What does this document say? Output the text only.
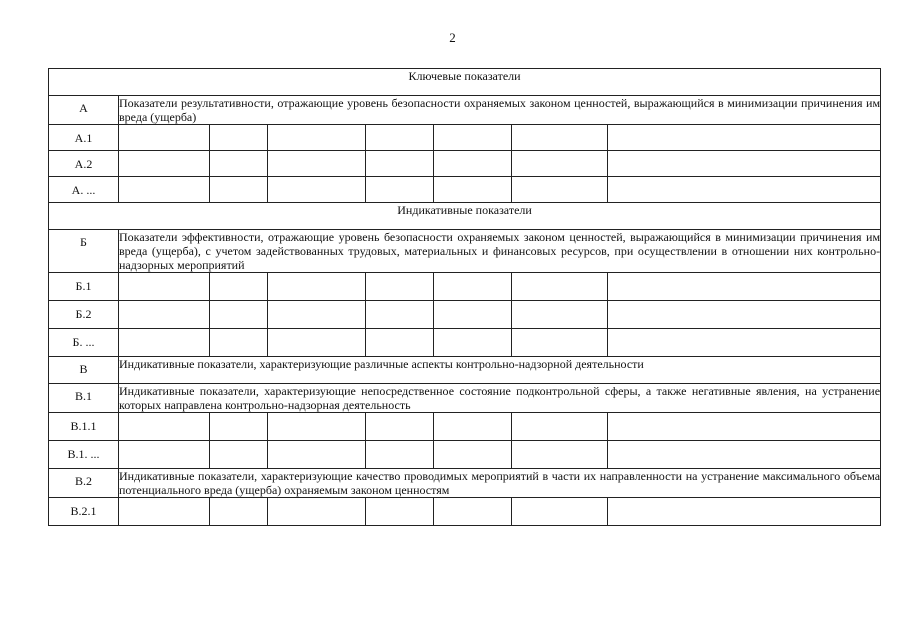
2
Ключевые показатели							

А	Показатели результативности, отражающие уровень безопасности охраняемых законом ценностей, выражающийся в минимизации причинения им вреда (ущерба)						

А.1							

А.2							

А. ...							

Индикативные показатели							

Б	Показатели эффективности, отражающие уровень безопасности охраняемых законом ценностей, выражающийся в минимизации причинения им вреда (ущерба), с учетом задействованных трудовых, материальных и финансовых ресурсов, при осуществлении в отношении них контрольно-надзорных мероприятий						

Б.1							

Б.2							

Б. ...							

В	Индикативные показатели, характеризующие различные аспекты контрольно-надзорной деятельности						

В.1	Индикативные показатели, характеризующие непосредственное состояние подконтрольной сферы, а также негативные явления, на устранение которых направлена контрольно-надзорная деятельность						

В.1.1							

В.1. ...							

В.2	Индикативные показатели, характеризующие качество проводимых мероприятий в части их направленности на устранение максимального объема потенциального вреда (ущерба) охраняемым законом ценностям						

В.2.1							
